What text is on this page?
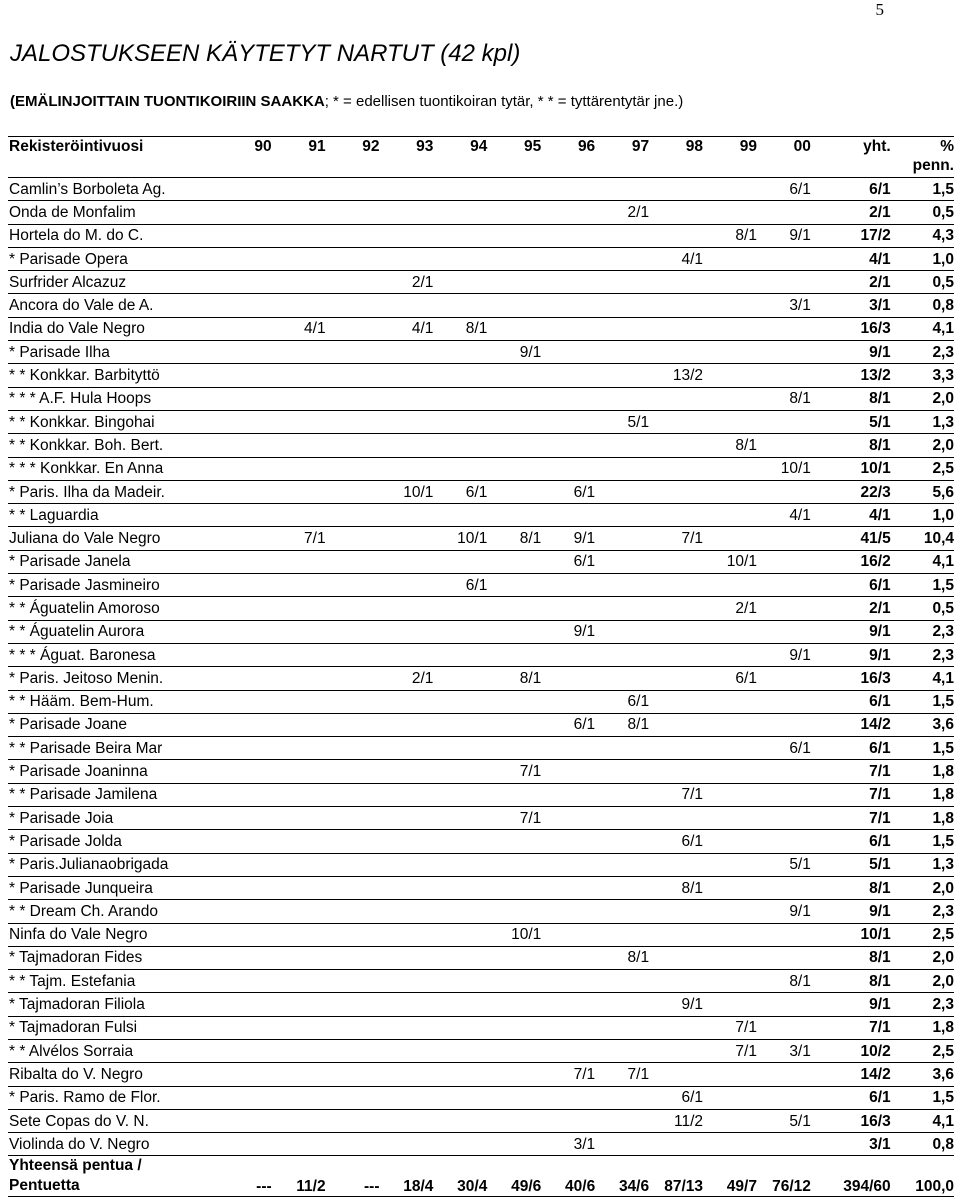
5
JALOSTUKSEEN KÄYTETYT NARTUT (42 kpl)
(EMÄLINJOITTAIN TUONTIKOIRIIN SAAKKA; * = edellisen tuontikoiran tytär, * * = tyttärentytär jne.)
Rekisteröintivuosi	90	91	92	93	94	95	96	97	98	99	00	yht.	% penn.
Camlin’s Borboleta Ag.											6/1	6/1	1,5
Onda de Monfalim								2/1				2/1	0,5
Hortela do M. do C.										8/1	9/1	17/2	4,3
* Parisade Opera									4/1			4/1	1,0
Surfrider Alcazuz				2/1								2/1	0,5
Ancora do Vale de A.											3/1	3/1	0,8
India do Vale Negro		4/1		4/1	8/1							16/3	4,1
* Parisade Ilha						9/1						9/1	2,3
* * Konkkar. Barbityttö									13/2			13/2	3,3
* * * A.F. Hula Hoops											8/1	8/1	2,0
* * Konkkar. Bingohai								5/1				5/1	1,3
* * Konkkar. Boh. Bert.										8/1		8/1	2,0
* * * Konkkar. En Anna											10/1	10/1	2,5
* Paris. Ilha da Madeir.				10/1	6/1		6/1					22/3	5,6
* * Laguardia											4/1	4/1	1,0
Juliana do Vale Negro		7/1			10/1	8/1	9/1		7/1			41/5	10,4
* Parisade Janela							6/1			10/1		16/2	4,1
* Parisade Jasmineiro					6/1							6/1	1,5
* * Águatelin Amoroso										2/1		2/1	0,5
* * Águatelin Aurora							9/1					9/1	2,3
* * * Águat. Baronesa											9/1	9/1	2,3
* Paris. Jeitoso Menin.				2/1		8/1				6/1		16/3	4,1
* * Hääm. Bem-Hum.								6/1				6/1	1,5
* Parisade Joane							6/1	8/1				14/2	3,6
* * Parisade Beira Mar											6/1	6/1	1,5
* Parisade Joaninna						7/1						7/1	1,8
* * Parisade Jamilena									7/1			7/1	1,8
* Parisade Joia						7/1						7/1	1,8
* Parisade Jolda									6/1			6/1	1,5
* Paris.Julianaobrigada											5/1	5/1	1,3
* Parisade Junqueira									8/1			8/1	2,0
* * Dream Ch. Arando											9/1	9/1	2,3
Ninfa do Vale Negro						10/1						10/1	2,5
* Tajmadoran Fides								8/1				8/1	2,0
* * Tajm. Estefania											8/1	8/1	2,0
* Tajmadoran Filiola									9/1			9/1	2,3
* Tajmadoran Fulsi										7/1		7/1	1,8
* * Alvélos Sorraia										7/1	3/1	10/2	2,5
Ribalta do V. Negro							7/1	7/1				14/2	3,6
* Paris. Ramo de Flor.									6/1			6/1	1,5
Sete Copas do V. N.									11/2		5/1	16/3	4,1
Violinda do V. Negro							3/1					3/1	0,8

Yhteensä pentua /
Pentuetta	---	11/2	---	18/4	30/4	49/6	40/6	34/6	87/13	49/7	76/12	394/60	100,0
